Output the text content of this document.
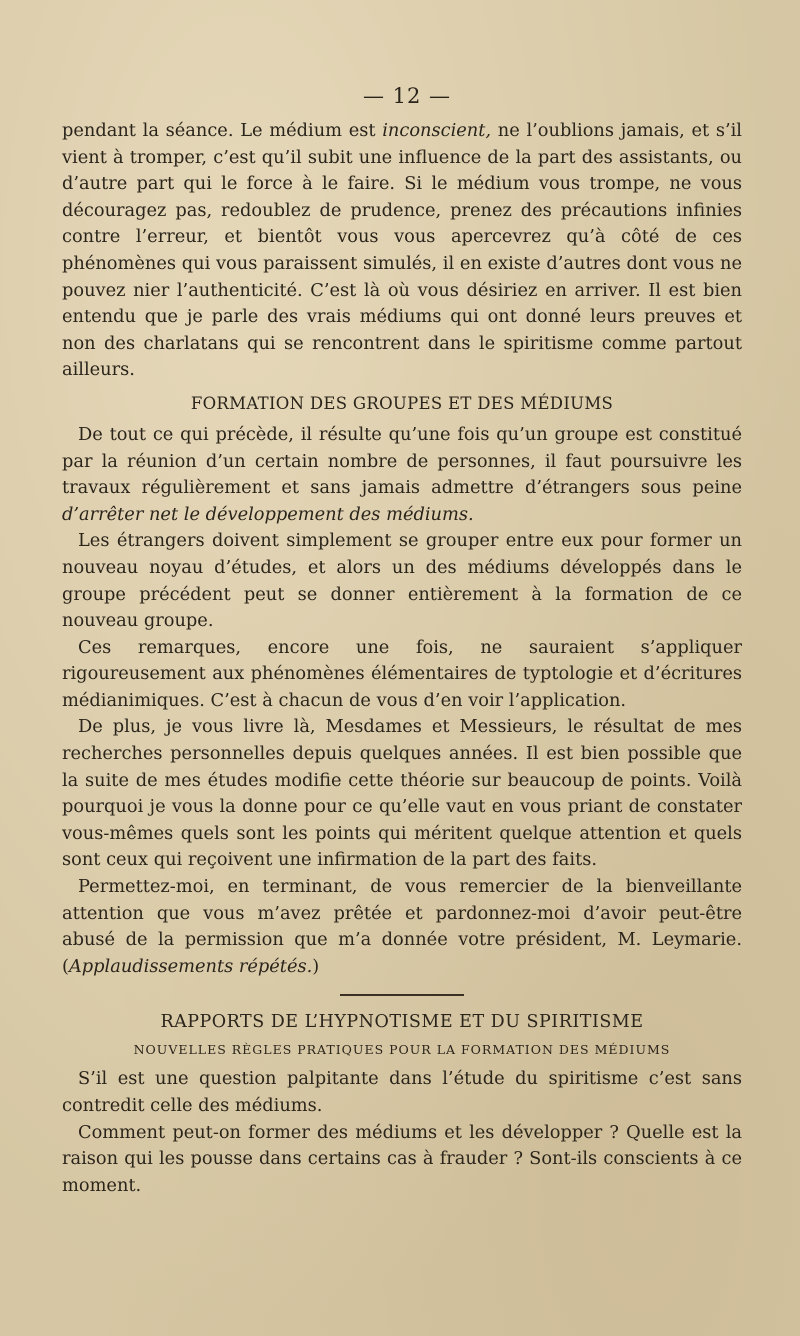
— 12 —

pendant la séance. Le médium est inconscient, ne l’oublions jamais, et s’il vient à tromper, c’est qu’il subit une influence de la part des assistants, ou d’autre part qui le force à le faire. Si le médium vous trompe, ne vous découragez pas, redoublez de prudence, prenez des précautions infinies contre l’erreur, et bientôt vous vous apercevrez qu’à côté de ces phénomènes qui vous paraissent simulés, il en existe d’autres dont vous ne pouvez nier l’authenticité. C’est là où vous désiriez en arriver. Il est bien entendu que je parle des vrais médiums qui ont donné leurs preuves et non des charlatans qui se rencontrent dans le spiritisme comme partout ailleurs.

FORMATION DES GROUPES ET DES MÉDIUMS

De tout ce qui précède, il résulte qu’une fois qu’un groupe est constitué par la réunion d’un certain nombre de personnes, il faut poursuivre les travaux régulièrement et sans jamais admettre d’étrangers sous peine d’arrêter net le développement des médiums.

Les étrangers doivent simplement se grouper entre eux pour former un nouveau noyau d’études, et alors un des médiums développés dans le groupe précédent peut se donner entièrement à la formation de ce nouveau groupe.

Ces remarques, encore une fois, ne sauraient s’appliquer rigoureusement aux phénomènes élémentaires de typtologie et d’écritures médianimiques. C’est à chacun de vous d’en voir l’application.

De plus, je vous livre là, Mesdames et Messieurs, le résultat de mes recherches personnelles depuis quelques années. Il est bien possible que la suite de mes études modifie cette théorie sur beaucoup de points. Voilà pourquoi je vous la donne pour ce qu’elle vaut en vous priant de constater vous-mêmes quels sont les points qui méritent quelque attention et quels sont ceux qui reçoivent une infirmation de la part des faits.

Permettez-moi, en terminant, de vous remercier de la bienveillante attention que vous m’avez prêtée et pardonnez-moi d’avoir peut-être abusé de la permission que m’a donnée votre président, M. Leymarie. (Applaudissements répétés.)

RAPPORTS DE L’HYPNOTISME ET DU SPIRITISME
NOUVELLES RÈGLES PRATIQUES POUR LA FORMATION DES MÉDIUMS

S’il est une question palpitante dans l’étude du spiritisme c’est sans contredit celle des médiums.

Comment peut-on former des médiums et les développer ? Quelle est la raison qui les pousse dans certains cas à frauder ? Sont-ils conscients à ce moment.
